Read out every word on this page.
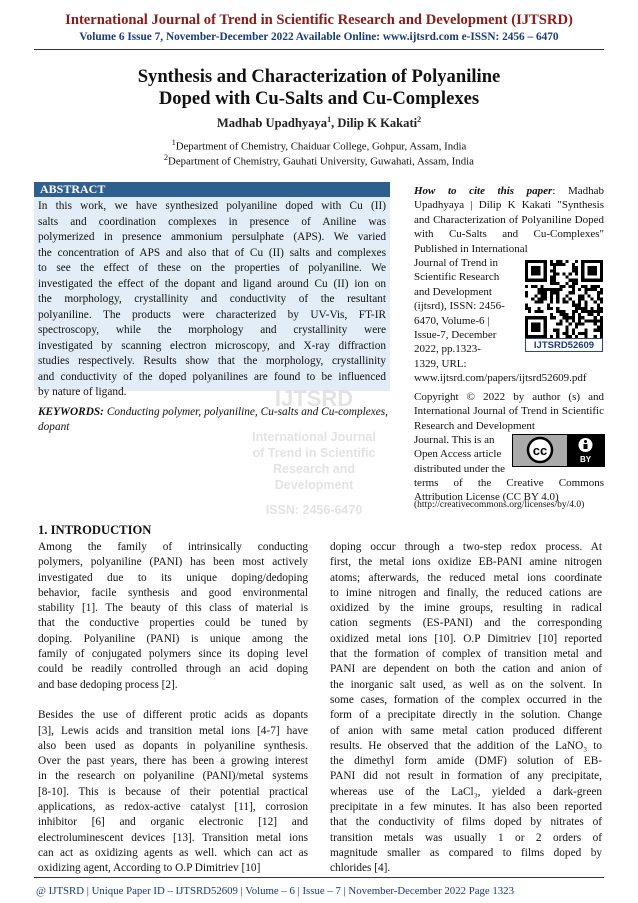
International Journal of Trend in Scientific Research and Development (IJTSRD)
Volume 6 Issue 7, November-December 2022 Available Online: www.ijtsrd.com e-ISSN: 2456 – 6470
Synthesis and Characterization of Polyaniline
Doped with Cu-Salts and Cu-Complexes
Madhab Upadhyaya$^1$, Dilip K Kakati$^2$
$^1$Department of Chemistry, Chaiduar College, Gohpur, Assam, India
$^2$Department of Chemistry, Gauhati University, Guwahati, Assam, India
ABSTRACT
In this work, we have synthesized polyaniline doped with Cu (II)
salts and coordination complexes in presence of Aniline was
polymerized in presence ammonium persulphate (APS). We varied
the concentration of APS and also that of Cu (II) salts and complexes
to see the effect of these on the properties of polyaniline. We
investigated the effect of the dopant and ligand around Cu (II) ion on
the morphology, crystallinity and conductivity of the resultant
polyaniline. The products were characterized by UV-Vis, FT-IR
spectroscopy, while the morphology and crystallinity were
investigated by scanning electron microscopy, and X-ray diffraction
studies respectively. Results show that the morphology, crystallinity
and conductivity of the doped polyanilines are found to be influenced
by nature of ligand.
KEYWORDS: Conducting polymer, polyaniline, Cu-salts and Cu-complexes, dopant
How to cite this paper: Madhab Upadhyaya | Dilip K Kakati "Synthesis and Characterization of Polyaniline Doped with Cu-Salts and Cu-Complexes" Published in International
Journal of Trend in
Scientific Research
and Development
(ijtsrd), ISSN: 2456-
6470, Volume-6 |
Issue-7, December
2022, pp.1323-
1329, URL:
www.ijtsrd.com/papers/ijtsrd52609.pdf
IJTSRD52609
Copyright © 2022 by author (s) and International Journal of Trend in Scientific Research and Development
Journal. This is an
Open Access article
distributed under the
terms of the Creative Commons Attribution License (CC BY 4.0)
(http://creativecommons.org/licenses/by/4.0)
cc
BY
IJTSRD
International Journal
of Trend in Scientific
Research and
Development
ISSN: 2456-6470
1. INTRODUCTION
Among the family of intrinsically conducting
polymers, polyaniline (PANI) has been most actively
investigated due to its unique doping/dedoping
behavior, facile synthesis and good environmental
stability [1]. The beauty of this class of material is
that the conductive properties could be tuned by
doping. Polyaniline (PANI) is unique among the
family of conjugated polymers since its doping level
could be readily controlled through an acid doping
and base dedoping process [2].

Besides the use of different protic acids as dopants
[3], Lewis acids and transition metal ions [4-7] have
also been used as dopants in polyaniline synthesis.
Over the past years, there has been a growing interest
in the research on polyaniline (PANI)/metal systems
[8-10]. This is because of their potential practical
applications, as redox-active catalyst [11], corrosion
inhibitor [6] and organic electronic [12] and
electroluminescent devices [13]. Transition metal ions
can act as oxidizing agents as well. which can act as
oxidizing agent, According to O.P Dimitriev [10]
doping occur through a two-step redox process. At
first, the metal ions oxidize EB-PANI amine nitrogen
atoms; afterwards, the reduced metal ions coordinate
to imine nitrogen and finally, the reduced cations are
oxidized by the imine groups, resulting in radical
cation segments (ES-PANI) and the corresponding
oxidized metal ions [10]. O.P Dimitriev [10] reported
that the formation of complex of transition metal and
PANI are dependent on both the cation and anion of
the inorganic salt used, as well as on the solvent. In
some cases, formation of the complex occurred in the
form of a precipitate directly in the solution. Change
of anion with same metal cation produced different
results. He observed that the addition of the LaNO₃ to
the dimethyl form amide (DMF) solution of EB-
PANI did not result in formation of any precipitate,
whereas use of the LaCl₃, yielded a dark-green
precipitate in a few minutes. It has also been reported
that the conductivity of films doped by nitrates of
transition metals was usually 1 or 2 orders of
magnitude smaller as compared to films doped by
chlorides [4].
@ IJTSRD | Unique Paper ID – IJTSRD52609 | Volume – 6 | Issue – 7 | November-December 2022 Page 1323
